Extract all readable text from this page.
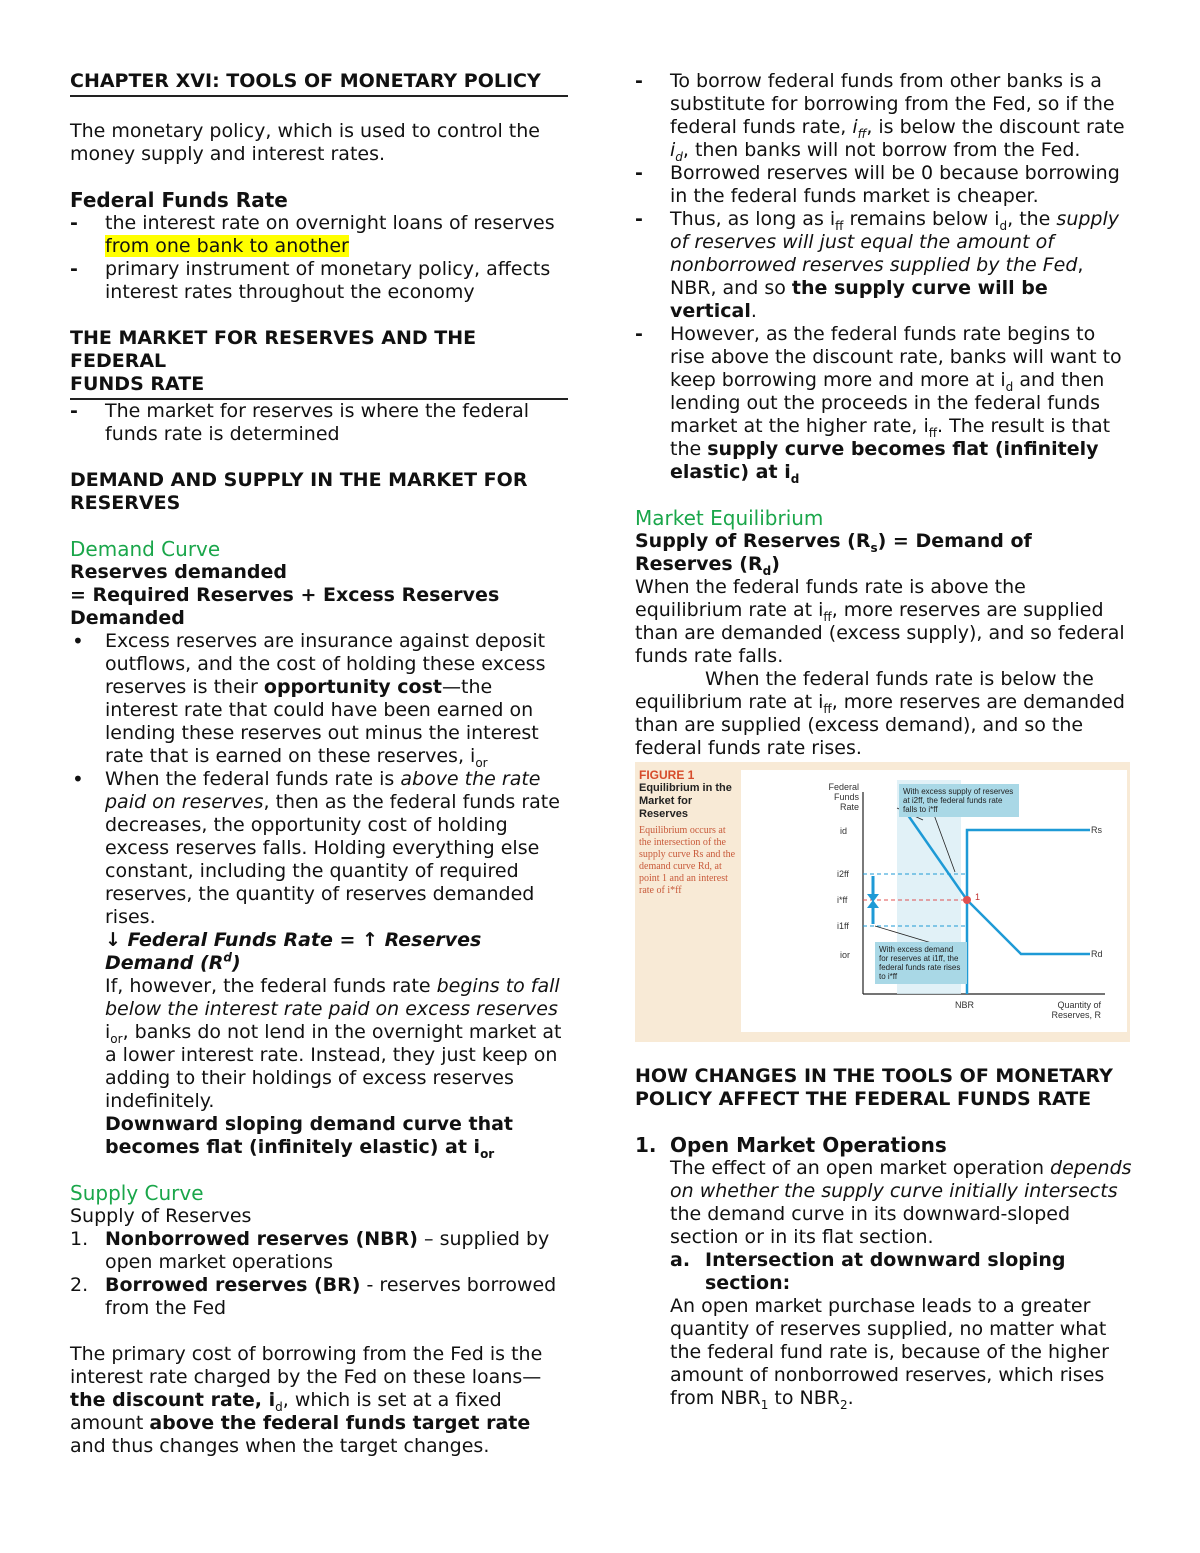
CHAPTER XVI: TOOLS OF MONETARY POLICY

The monetary policy, which is used to control the money supply and interest rates.

Federal Funds Rate

- the interest rate on overnight loans of reserves from one bank to another
- primary instrument of monetary policy, affects interest rates throughout the economy
THE MARKET FOR RESERVES AND THE FEDERAL
FUNDS RATE
- The market for reserves is where the federal funds rate is determined

DEMAND AND SUPPLY IN THE MARKET FOR RESERVES

Demand Curve

Reserves demanded

= Required Reserves + Excess Reserves Demanded

• Excess reserves are insurance against deposit outflows, and the cost of holding these excess reserves is their opportunity cost—the interest rate that could have been earned on lending these reserves out minus the interest rate that is earned on these reserves, $i_{or}$
• When the federal funds rate is above the rate paid on reserves, then as the federal funds rate decreases, the opportunity cost of holding excess reserves falls. Holding everything else constant, including the quantity of required reserves, the quantity of reserves demanded rises.
↓ Federal Funds Rate = ↑ Reserves Demand $(R^d)$
If, however, the federal funds rate begins to fall below the interest rate paid on excess reserves $i_{or}$, banks do not lend in the overnight market at a lower interest rate. Instead, they just keep on adding to their holdings of excess reserves indefinitely.
Downward sloping demand curve that becomes flat (infinitely elastic) at $i_{or}$

Supply Curve

Supply of Reserves

1. Nonborrowed reserves (NBR) – supplied by open market operations
2. Borrowed reserves (BR) - reserves borrowed from the Fed

The primary cost of borrowing from the Fed is the interest rate charged by the Fed on these loans—the discount rate, $i_d$, which is set at a fixed amount above the federal funds target rate and thus changes when the target changes.

- To borrow federal funds from other banks is a substitute for borrowing from the Fed, so if the federal funds rate, $i_{ff}$, is below the discount rate $i_d$, then banks will not borrow from the Fed.
- Borrowed reserves will be 0 because borrowing in the federal funds market is cheaper.
- Thus, as long as $i_{ff}$ remains below $i_d$, the supply of reserves will just equal the amount of nonborrowed reserves supplied by the Fed, NBR, and so the supply curve will be vertical.
- However, as the federal funds rate begins to rise above the discount rate, banks will want to keep borrowing more and more at $i_d$ and then lending out the proceeds in the federal funds market at the higher rate, $i_{ff}$. The result is that the supply curve becomes flat (infinitely elastic) at $i_d$

Market Equilibrium

Supply of Reserves $(R_s)$ = Demand of Reserves $(R_d)$

When the federal funds rate is above the equilibrium rate at $i_{ff}$, more reserves are supplied than are demanded (excess supply), and so federal funds rate falls.

When the federal funds rate is below the equilibrium rate at $i_{ff}$, more reserves are demanded than are supplied (excess demand), and so the federal funds rate rises.

FIGURE 1
Equilibrium in the Market for Reserves
Equilibrium occurs at the intersection of the supply curve Rs and the demand curve Rd, at point 1 and an interest rate of i*ff
Federal Funds Rate
Quantity of Reserves, R
NBR
id
ior
i2ff
i*ff
i1ff
Rs
Rd
1
With excess supply of reserves at i2ff, the federal funds rate falls to i*ff
With excess demand for reserves at i1ff, the federal funds rate rises to i*ff

HOW CHANGES IN THE TOOLS OF MONETARY POLICY AFFECT THE FEDERAL FUNDS RATE

1. Open Market Operations
The effect of an open market operation depends on whether the supply curve initially intersects the demand curve in its downward-sloped section or in its flat section.
a. Intersection at downward sloping section:
An open market purchase leads to a greater quantity of reserves supplied, no matter what the federal fund rate is, because of the higher amount of nonborrowed reserves, which rises from $NBR_1$ to $NBR_2$.
